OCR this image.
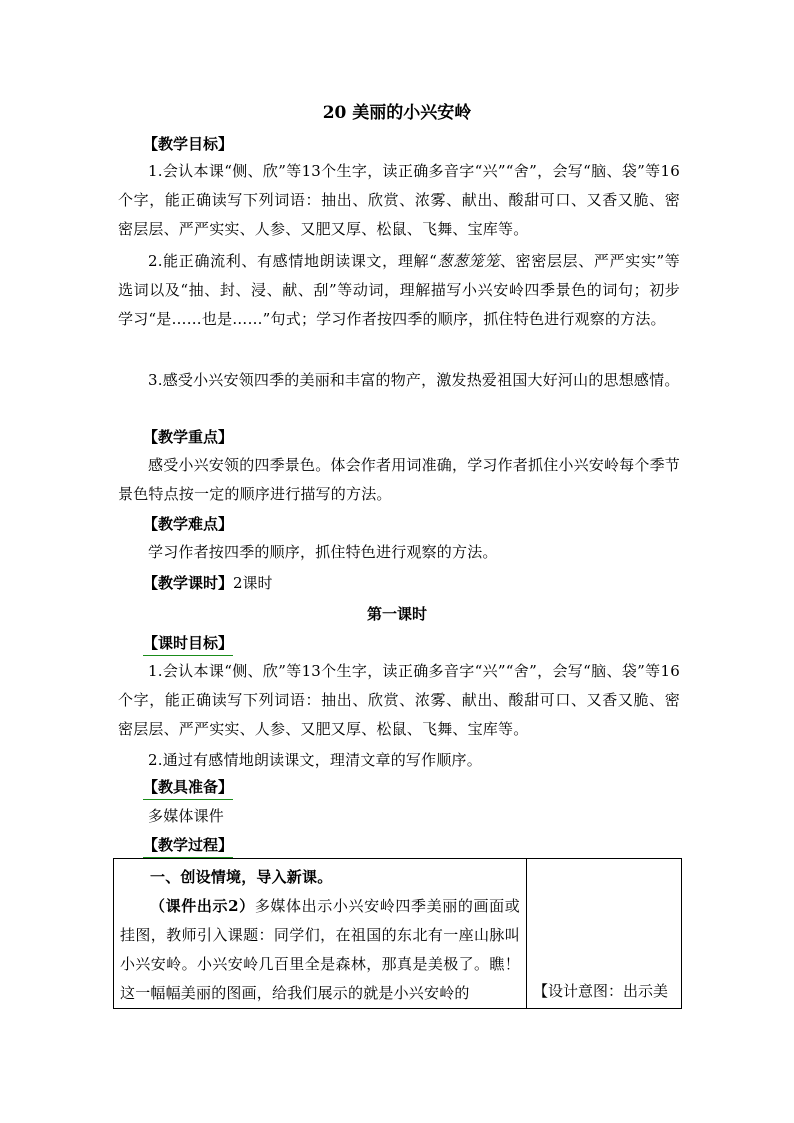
20 美丽的小兴安岭
【教学目标】

1.会认本课“侧、欣”等13个生字，读正确多音字“兴”“舍”，会写“脑、袋”等16个字，能正确读写下列词语：抽出、欣赏、浓雾、献出、酸甜可口、又香又脆、密密层层、严严实实、人参、又肥又厚、松鼠、飞舞、宝库等。

2.能正确流利、有感情地朗读课文，理解“葱葱笼笼、密密层层、严严实实”等选词以及“抽、封、浸、献、刮”等动词，理解描写小兴安岭四季景色的词句；初步学习“是……也是……”句式；学习作者按四季的顺序，抓住特色进行观察的方法。

3.感受小兴安领四季的美丽和丰富的物产，激发热爱祖国大好河山的思想感情。

【教学重点】

感受小兴安领的四季景色。体会作者用词准确，学习作者抓住小兴安岭每个季节景色特点按一定的顺序进行描写的方法。

【教学难点】

学习作者按四季的顺序，抓住特色进行观察的方法。

【教学课时】2课时
第一课时
【课时目标】

1.会认本课“侧、欣”等13个生字，读正确多音字“兴”“舍”，会写“脑、袋”等16个字，能正确读写下列词语：抽出、欣赏、浓雾、献出、酸甜可口、又香又脆、密密层层、严严实实、人参、又肥又厚、松鼠、飞舞、宝库等。

2.通过有感情地朗读课文，理清文章的写作顺序。

【教具准备】

多媒体课件

【教学过程】

一、创设情境，导入新课。

（课件出示2）多媒体出示小兴安岭四季美丽的画面或挂图，教师引入课题：同学们，在祖国的东北有一座山脉叫小兴安岭。小兴安岭几百里全是森林，那真是美极了。瞧！这一幅幅美丽的图画，给我们展示的就是小兴安岭的	【设计意图：出示美
